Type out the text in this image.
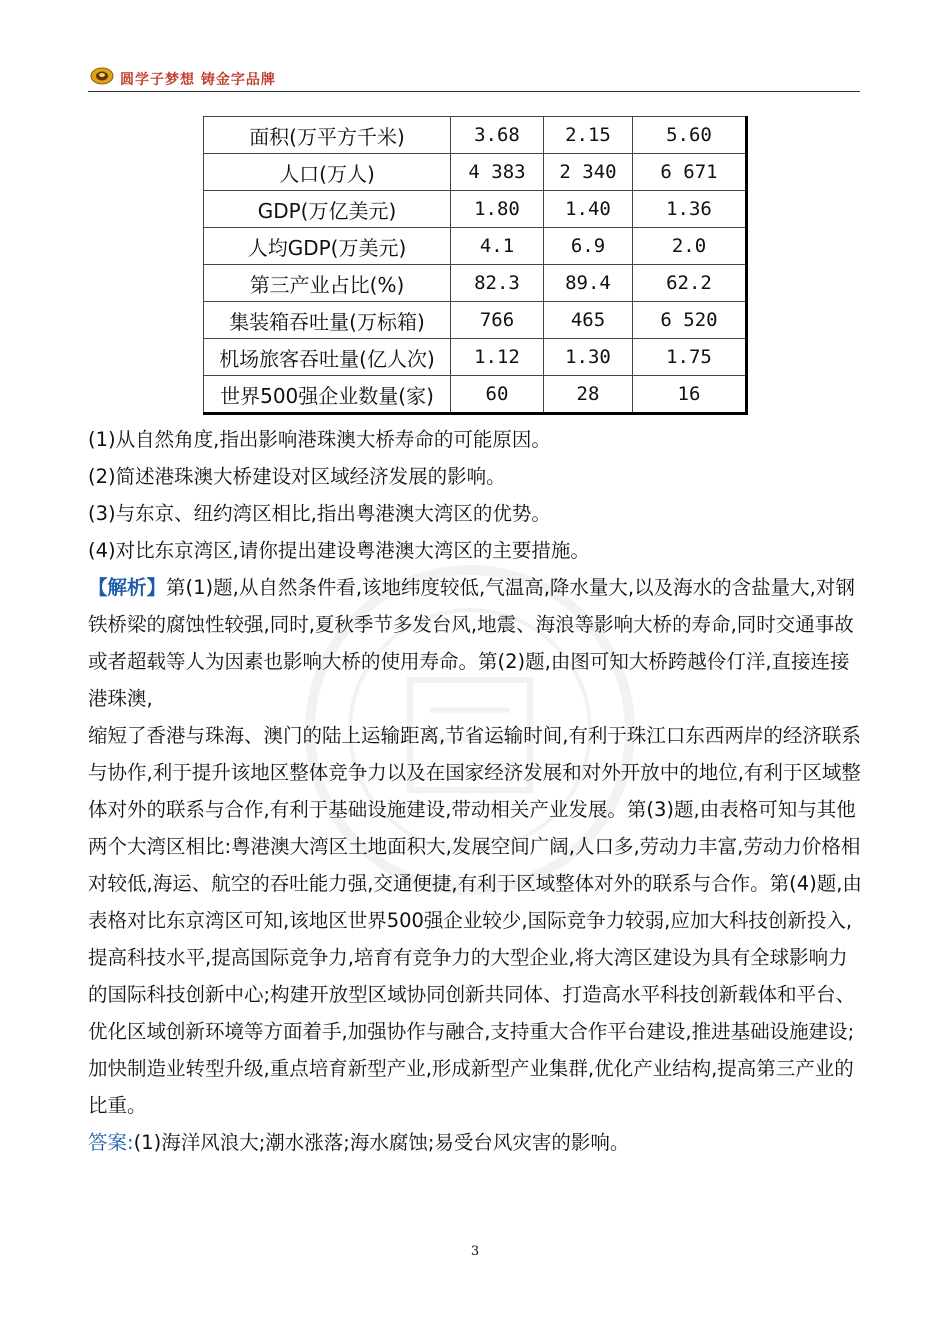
圆学子梦想 铸金字品牌
面积(万平方千米)	3.68	2.15	5.60
人口(万人)	4 383	2 340	6 671
GDP(万亿美元)	1.80	1.40	1.36
人均GDP(万美元)	4.1	6.9	2.0
第三产业占比(%)	82.3	89.4	62.2
集装箱吞吐量(万标箱)	766	465	6 520
机场旅客吞吐量(亿人次)	1.12	1.30	1.75
世界500强企业数量(家)	60	28	16

(1)从自然角度,指出影响港珠澳大桥寿命的可能原因。

(2)简述港珠澳大桥建设对区域经济发展的影响。

(3)与东京、纽约湾区相比,指出粤港澳大湾区的优势。

(4)对比东京湾区,请你提出建设粤港澳大湾区的主要措施。

【解析】第(1)题,从自然条件看,该地纬度较低,气温高,降水量大,以及海水的含盐量大,对钢铁桥梁的腐蚀性较强,同时,夏秋季节多发台风,地震、海浪等影响大桥的寿命,同时交通事故或者超载等人为因素也影响大桥的使用寿命。第(2)题,由图可知大桥跨越伶仃洋,直接连接港珠澳,

缩短了香港与珠海、澳门的陆上运输距离,节省运输时间,有利于珠江口东西两岸的经济联系与协作,利于提升该地区整体竞争力以及在国家经济发展和对外开放中的地位,有利于区域整体对外的联系与合作,有利于基础设施建设,带动相关产业发展。第(3)题,由表格可知与其他两个大湾区相比:粤港澳大湾区土地面积大,发展空间广阔,人口多,劳动力丰富,劳动力价格相对较低,海运、航空的吞吐能力强,交通便捷,有利于区域整体对外的联系与合作。第(4)题,由表格对比东京湾区可知,该地区世界500强企业较少,国际竞争力较弱,应加大科技创新投入,提高科技水平,提高国际竞争力,培育有竞争力的大型企业,将大湾区建设为具有全球影响力的国际科技创新中心;构建开放型区域协同创新共同体、打造高水平科技创新载体和平台、优化区域创新环境等方面着手,加强协作与融合,支持重大合作平台建设,推进基础设施建设;加快制造业转型升级,重点培育新型产业,形成新型产业集群,优化产业结构,提高第三产业的比重。

答案:(1)海洋风浪大;潮水涨落;海水腐蚀;易受台风灾害的影响。

3
